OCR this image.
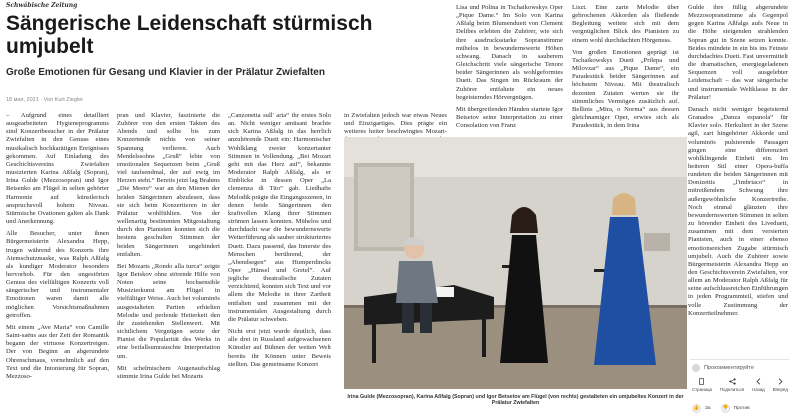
Schwäbische Zeitung
Sängerische Leidenschaft stürmisch umjubelt
Große Emotionen für Gesang und Klavier in der Prälatur Zwiefalten
18 мая, 2021 · Von Kurt Ziegler

– Aufgrund eines detailliert ausgearbeiteten Hygieneprogramms sind Konzertbesucher in der Prälatur Zwiefalten in den Genuss eines musikalisch hochkarätigen Ereignisses gekommen. Auf Einladung des Geschichtsvereins Zwiefalten musizierten Karina Aßfalg (Sopran), Irina Gulde (Mezzosopran) und Igor Betsenko am Flügel in selten gehörter Harmonie auf künstlerisch anspruchsvoll hohem Niveau. Stürmische Ovationen galten als Dank und Anerkennung.

Alle Besucher, unter ihnen Bürgermeisterin Alexandra Hepp, trugen während des Konzerts ihre Atemschutzmaske, was Ralph Aßfalg als kundiger Moderator besonders hervorhob. Für den ungestörten Genuss des vielfältigen Konzerts voll sängerischer und instrumentaler Emotionen waren damit alle möglichen Vorsichtsmaßnahmen getroffen.

Mit einem „Ave Maria“ von Camille Saint-saëns aus der Zeit der Romantik begann der virtuose Konzertreigen. Der von Beginn an abgerundete Ohrenschmaus, vornehmlich auf den Text und die Intonierung für Sopran, Mezzoso-

pran und Klavier, faszinierte die Zuhörer von den ersten Takten des Abends und sollte bis zum Konzertende nichts von seiner Spannung verlieren. Auch Mendelssohns „Gruß“ lebte von emotionalen Sequenzen beim „Gruß viel taufsendmal, der auf ewig im Herzen steht.“ Bereits jetzt lag Brahms „Die Meere“ war an den Mienen der beiden Sängerinnen abzulesen, dass sie sich beim Konzertieren in der Prälatur wohlfühlten. Von der wellenartig bestimmten Mitgestaltung durch den Pianisten konnten sich die bestens geschulten Stimmen der beiden Sängerinnen ungehindert entfalten.

Bei Mozarts „Rondo alla turca“ zeigte Igor Betskov ohne störende Hilfe von Noten seine hochsensible Musizierkunst am Flügel in vielfältiger Weise. Auch bei voluminös ausgestalteten Partien erhielten Melodie und perlende Heiterkeit den ihr zustehenden Stellenwert. Mit sichtlichem Vergnügen setzte der Pianist die Popularität des Werks in eine beifallsumrauschte Interpretation um.

Mit schelmischem Augenaufschlag stimmte Irina Gulde bei Mozarts

„Canzonetta sull' aria“ ihr erstes Solo an. Nicht weniger amüsant brachte sich Karina Aßfalg in das herrlich anzuhörende Duett ein: Harmonischer Wohlklang zweier konzertanter Stimmen in Vollendung. „Bei Mozart geht mit das Herz auf“, bekannte Moderator Ralph Aßfalg, als er Einblicke in dessen Oper „La clemenza di Tito“ gab. Liedhafte Melodik prägte die Eingangsszenen, in denen beide Sängerinnen den kraftvollen Klang ihrer Stimmen strömen lassen konnten. Mühelos und durchdacht war die bewundernswerte Weiterführung als sauber strukturiertes Duett. Dazu passend, das Innerste des Menschen berührend, der „Abendsegen“ aus Humperdincks Oper „Hänsel und Gretel“. Auf jegliche theatralische Zutaten verzichtend, konnten sich Text und vor allem die Melodie in ihrer Zartheit entfalten und zusammen mit der instrumentalen Ausgestaltung durch die Prälatur schweben.

Nicht erst jetzt wurde deutlich, dass alle drei in Russland aufgewachsenen Künstler auf Bühnen der weiten Welt bereits ihr Können unter Beweis stellten. Das gemeinsame Konzert

in Zwiefalten jedoch war etwas Neues und Einzigartiges. Dies prägte ein weiteres heiter beschwingtes Mozart-

Lisa und Polina in Tschaikowskys Oper „Pique Dame.“ Im Solo von Karina Aßfalg beim Blumenduett von Clement Delibes erlebten die Zuhörer, wie sich ihre ausdrucksstarke Sopranstimme mühelos in bewundernswerte Höhen schwang. Danach in sauberem Gleichschritt viele sängerische Tenore beider Sängerinnen als wohlgeformtes Duett. Das Singen im Rückraum der Zuhörer entfaltete ein neues begeisterndes Hörvergnügen.

Mit übergreifenden Händen startete Igor Betsetov seine Interpretation zu einer Consolation von Franz

Liszt. Eine zarte Melodie über gebrochenen Akkorden als fließende Begleitung weitete sich mit dem vergnüglichen Blick des Pianisten zu einem wohl durchdachten Hörgenuss.

Von großen Emotionen geprägt ist Tschaikowskys Duett „Prilepa und Milovzar“ aus „Pique Dame“, ein Paradestück beider Sängerinnen auf höchstem Niveau. Mit theatralisch dezenten Zutaten werten sie ihr stimmliches Vermögen zusätzlich auf. Bellinis „Mira, o Norma“ aus dessen gleichnamiger Oper, erwies sich als Paradestück, in dem Irina

Gulde ihre füllig abgerundete Mezzosopranstimme als Gegenpol gegen Karina Aßfalgs aufs Neue in die Höhe steigenden strahlenden Sopran gut in Szene setzen konnte. Beides mündete in ein bis ins Feinste durchdachtes Duett. Fast unvermittelt die dramatischen, energiegeladenen Sequenzen voll ausgelebter Leidenschaft – das war sängerische und instrumentale Weltklasse in der Prälatur!

Danach nicht weniger begeisternd Granados „Danza espanola“ für Klavier solo. Herkuliert in der Szene agil, zart hingehörter Akkorde und voluminös pulsierende Passagen gingen eine differenziert wohlklingende Einheit ein. Im heiteren Stil einer Opera-buffa rundeten die beiden Sängerinnen mit Donizettis „l'imbriaco“ in mitreißendem Schwung ihre außergewöhnliche Konzertreihe. Noch einmal glänzten ihre bewundernswerten Stimmen in selten zu hörender Einheit des Liveduett, zusammen mit dem versierten Pianisten, auch in einer ebenso emotionsreichen Zugabe stürmisch umjubelt. Auch die Zuhörer sowie Bürgermeisterin Alexandra Hepp an den Geschichtsverein Zwiefalten, vor allem an Moderator Ralph Aßfalg für seine aufschlussreichen Einführungen in jeden Programmteil, stiefen und volle Zustimmung der Konzertteilnehmer.

Irina Gulde (Mezzosopran), Karina Aßfalg (Sopran) und Igor Betsetov am Flügel (von rechts) gestalteten ein umjubeltes Konzert in der Prälatur Zwiefalten
Прокомментируйте
Страница Поделиться Назад Вперёд
👍 За 👎 Против
